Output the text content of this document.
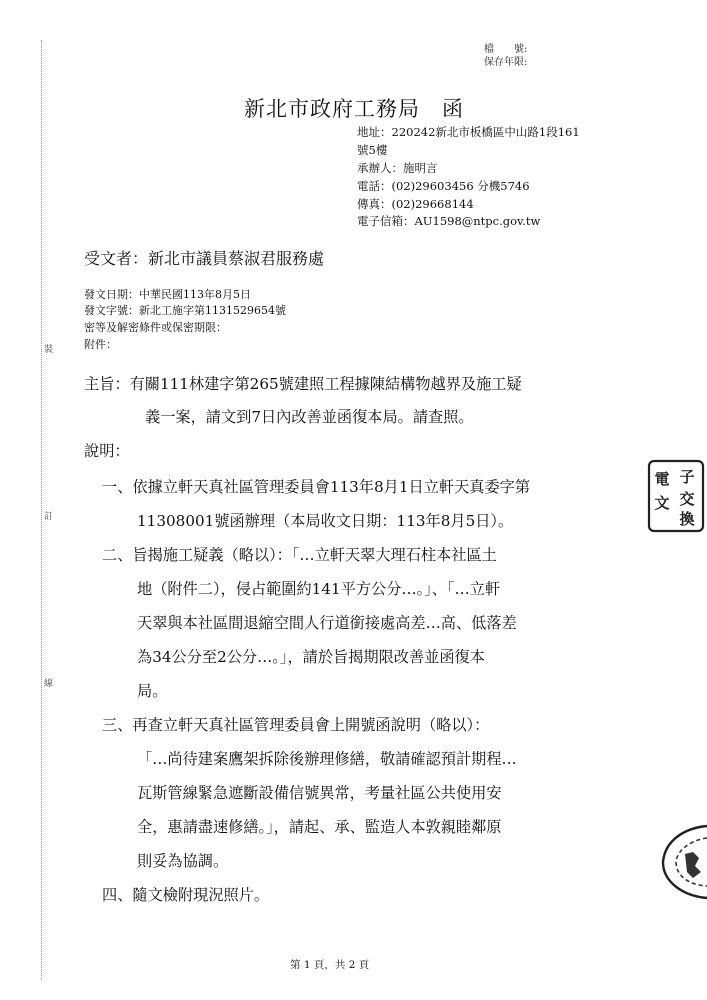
裝
訂
線
檔　　號:
保存年限:
新北市政府工務局　函
地址：220242新北市板橋區中山路1段161
號5樓
承辦人：施明言
電話：(02)29603456 分機5746
傳真：(02)29668144
電子信箱：AU1598@ntpc.gov.tw
受文者：新北市議員蔡淑君服務處
發文日期：中華民國113年8月5日
發文字號：新北工施字第1131529654號
密等及解密條件或保密期限：
附件：
主旨：有關111林建字第265號建照工程據陳結構物越界及施工疑
義一案，請文到7日內改善並函復本局。請查照。
說明：
一、依據立軒天真社區管理委員會113年8月1日立軒天真委字第
11308001號函辦理（本局收文日期：113年8月5日）。
二、旨揭施工疑義（略以）：「…立軒天翠大理石柱本社區土
地（附件二），侵占範圍約141平方公分…。」、「…立軒
天翠與本社區間退縮空間人行道銜接處高差…高、低落差
為34公分至2公分…。」，請於旨揭期限改善並函復本
局。
三、再查立軒天真社區管理委員會上開號函說明（略以）：
「…尚待建案鷹架拆除後辦理修繕，敬請確認預計期程…
瓦斯管線緊急遮斷設備信號異常，考量社區公共使用安
全，惠請盡速修繕。」，請起、承、監造人本敦親睦鄰原
則妥為協調。
四、隨文檢附現況照片。
電 子
文 交
換
第 1 頁，共 2 頁
